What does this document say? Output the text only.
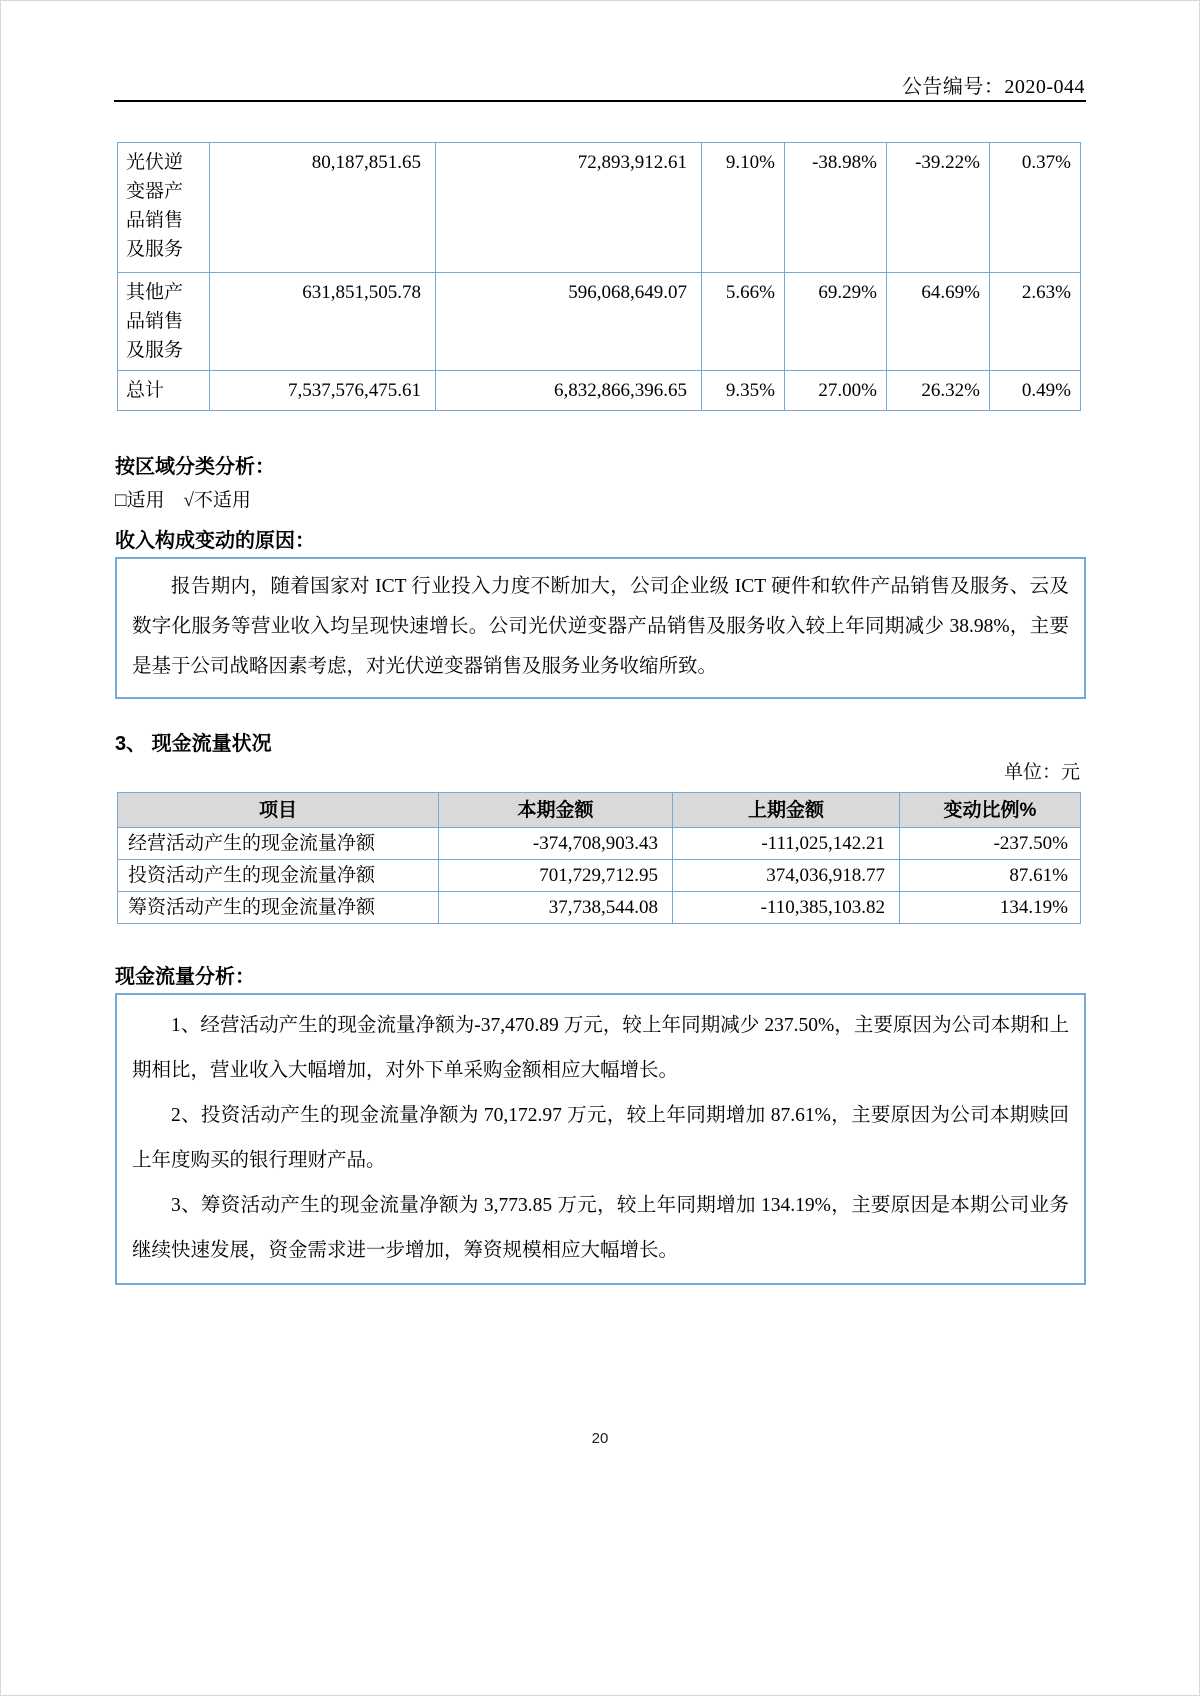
公告编号：2020-044
光伏逆变器产品销售及服务	80,187,851.65	72,893,912.61	9.10%	-38.98%	-39.22%	0.37%
其他产品销售及服务	631,851,505.78	596,068,649.07	5.66%	69.29%	64.69%	2.63%
总计	7,537,576,475.61	6,832,866,396.65	9.35%	27.00%	26.32%	0.49%
按区域分类分析：
□适用　√不适用
收入构成变动的原因：

报告期内，随着国家对 ICT 行业投入力度不断加大，公司企业级 ICT 硬件和软件产品销售及服务、云及数字化服务等营业收入均呈现快速增长。公司光伏逆变器产品销售及服务收入较上年同期减少 38.98%，主要是基于公司战略因素考虑，对光伏逆变器销售及服务业务收缩所致。

3、 现金流量状况
单位：元
项目	本期金额	上期金额	变动比例%
经营活动产生的现金流量净额	-374,708,903.43	-111,025,142.21	-237.50%
投资活动产生的现金流量净额	701,729,712.95	374,036,918.77	87.61%
筹资活动产生的现金流量净额	37,738,544.08	-110,385,103.82	134.19%
现金流量分析：

1、经营活动产生的现金流量净额为-37,470.89 万元，较上年同期减少 237.50%，主要原因为公司本期和上期相比，营业收入大幅增加，对外下单采购金额相应大幅增长。

2、投资活动产生的现金流量净额为 70,172.97 万元，较上年同期增加 87.61%，主要原因为公司本期赎回上年度购买的银行理财产品。

3、筹资活动产生的现金流量净额为 3,773.85 万元，较上年同期增加 134.19%，主要原因是本期公司业务继续快速发展，资金需求进一步增加，筹资规模相应大幅增长。

20
